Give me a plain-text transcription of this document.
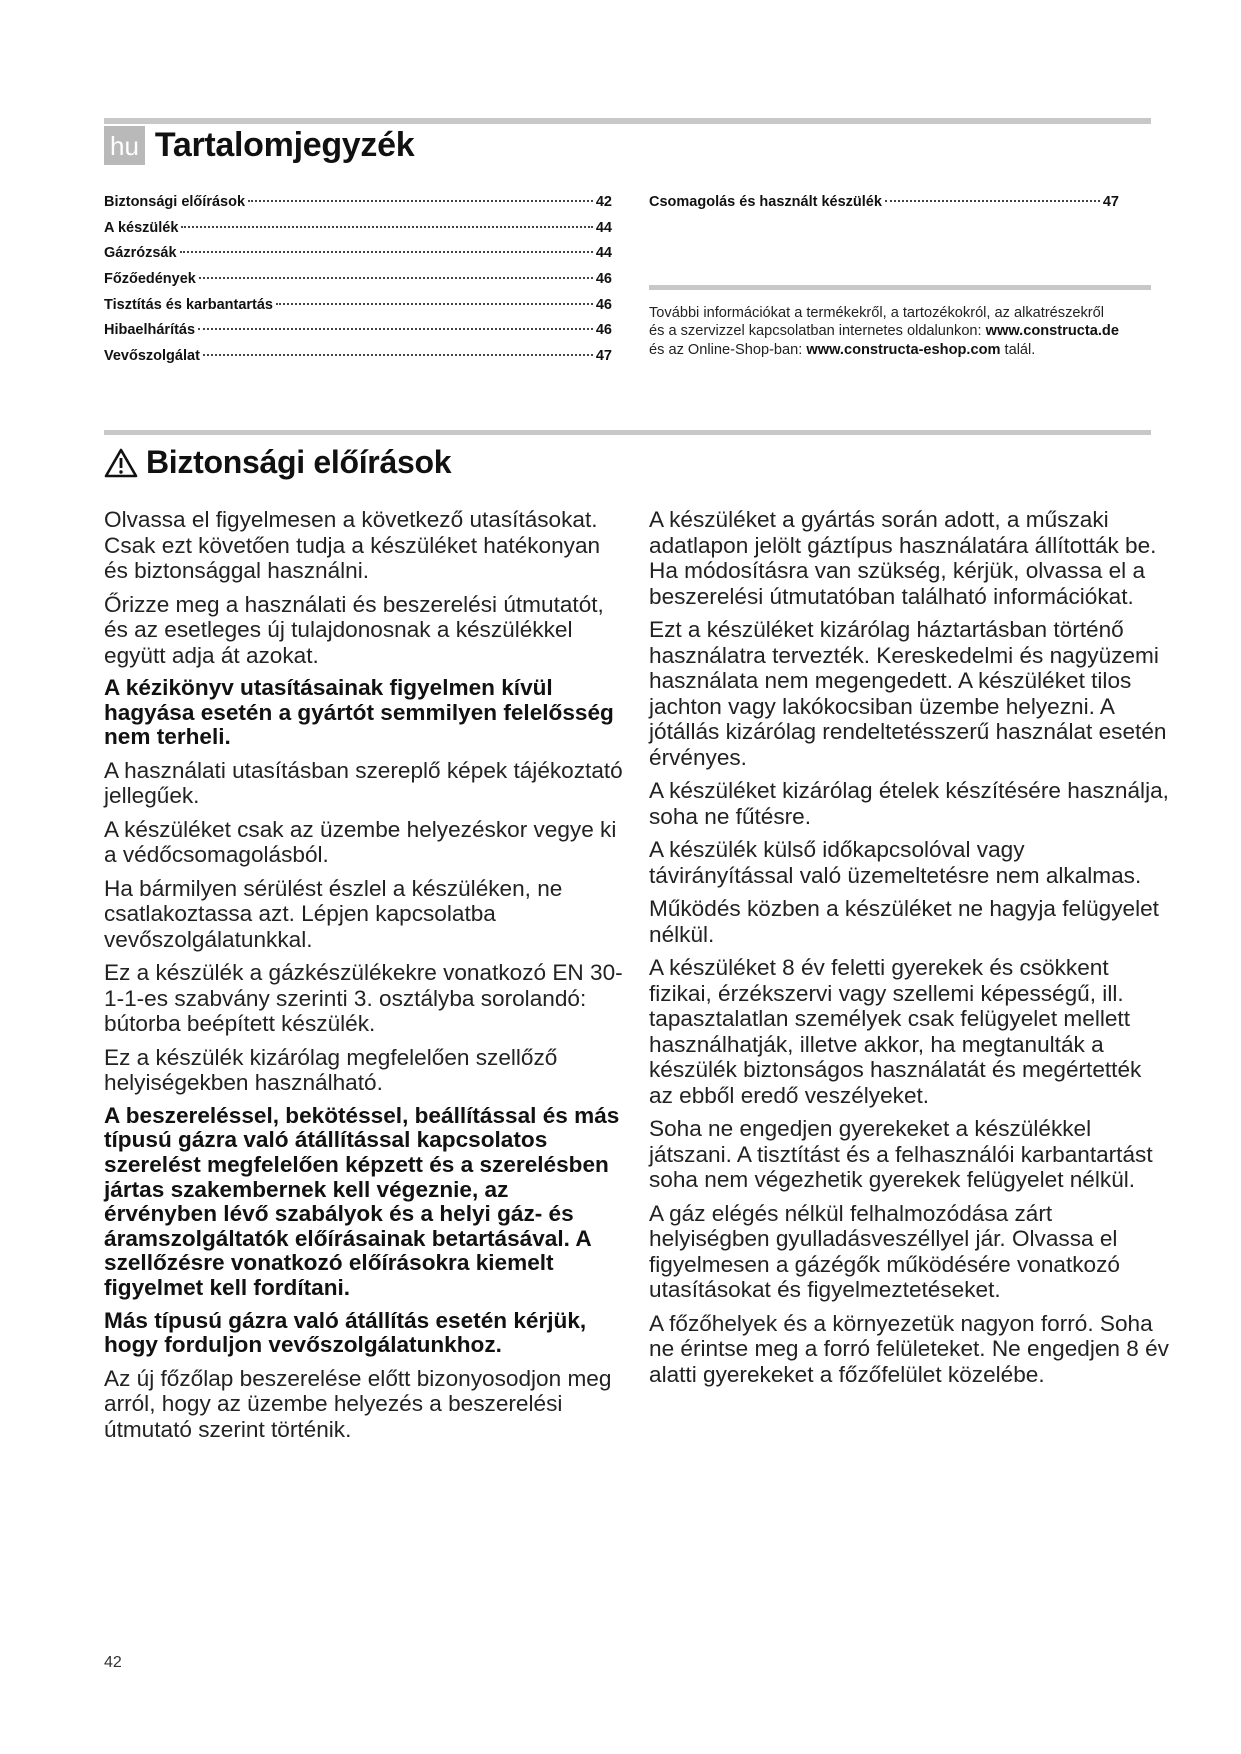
hu Tartalomjegyzék
Biztonsági előírások	42
A készülék	44
Gázrózsák	44
Főzőedények	46
Tisztítás és karbantartás	46
Hibaelhárítás	46
Vevőszolgálat	47
Csomagolás és használt készülék	47
További információkat a termékekről, a tartozékokról, az alkatrészekről és a szervizzel kapcsolatban internetes oldalunkon: www.constructa.de és az Online-Shop-ban: www.constructa-eshop.com talál.
Biztonsági előírások

Olvassa el figyelmesen a következő utasításokat. Csak ezt követően tudja a készüléket hatékonyan és biztonsággal használni.

Őrizze meg a használati és beszerelési útmutatót, és az esetleges új tulajdonosnak a készülékkel együtt adja át azokat.

A kézikönyv utasításainak figyelmen kívül hagyása esetén a gyártót semmilyen felelősség nem terheli.

A használati utasításban szereplő képek tájékoztató jellegűek.

A készüléket csak az üzembe helyezéskor vegye ki a védőcsomagolásból.

Ha bármilyen sérülést észlel a készüléken, ne csatlakoztassa azt. Lépjen kapcsolatba vevőszolgálatunkkal.

Ez a készülék a gázkészülékekre vonatkozó EN 30-1-1-es szabvány szerinti 3. osztályba sorolandó: bútorba beépített készülék.

Ez a készülék kizárólag megfelelően szellőző helyiségekben használható.

A beszereléssel, bekötéssel, beállítással és más típusú gázra való átállítással kapcsolatos szerelést megfelelően képzett és a szerelésben jártas szakembernek kell végeznie, az érvényben lévő szabályok és a helyi gáz- és áramszolgáltatók előírásainak betartásával. A szellőzésre vonatkozó előírásokra kiemelt figyelmet kell fordítani.

Más típusú gázra való átállítás esetén kérjük, hogy forduljon vevőszolgálatunkhoz.

Az új főzőlap beszerelése előtt bizonyosodjon meg arról, hogy az üzembe helyezés a beszerelési útmutató szerint történik.

A készüléket a gyártás során adott, a műszaki adatlapon jelölt gáztípus használatára állították be. Ha módosításra van szükség, kérjük, olvassa el a beszerelési útmutatóban található információkat.

Ezt a készüléket kizárólag háztartásban történő használatra tervezték. Kereskedelmi és nagyüzemi használata nem megengedett. A készüléket tilos jachton vagy lakókocsiban üzembe helyezni. A jótállás kizárólag rendeltetésszerű használat esetén érvényes.

A készüléket kizárólag ételek készítésére használja, soha ne fűtésre.

A készülék külső időkapcsolóval vagy távirányítással való üzemeltetésre nem alkalmas.

Működés közben a készüléket ne hagyja felügyelet nélkül.

A készüléket 8 év feletti gyerekek és csökkent fizikai, érzékszervi vagy szellemi képességű, ill. tapasztalatlan személyek csak felügyelet mellett használhatják, illetve akkor, ha megtanulták a készülék biztonságos használatát és megértették az ebből eredő veszélyeket.

Soha ne engedjen gyerekeket a készülékkel játszani. A tisztítást és a felhasználói karbantartást soha nem végezhetik gyerekek felügyelet nélkül.

A gáz elégés nélkül felhalmozódása zárt helyiségben gyulladásveszéllyel jár. Olvassa el figyelmesen a gázégők működésére vonatkozó utasításokat és figyelmeztetéseket.

A főzőhelyek és a környezetük nagyon forró. Soha ne érintse meg a forró felületeket. Ne engedjen 8 év alatti gyerekeket a főzőfelület közelébe.

42
